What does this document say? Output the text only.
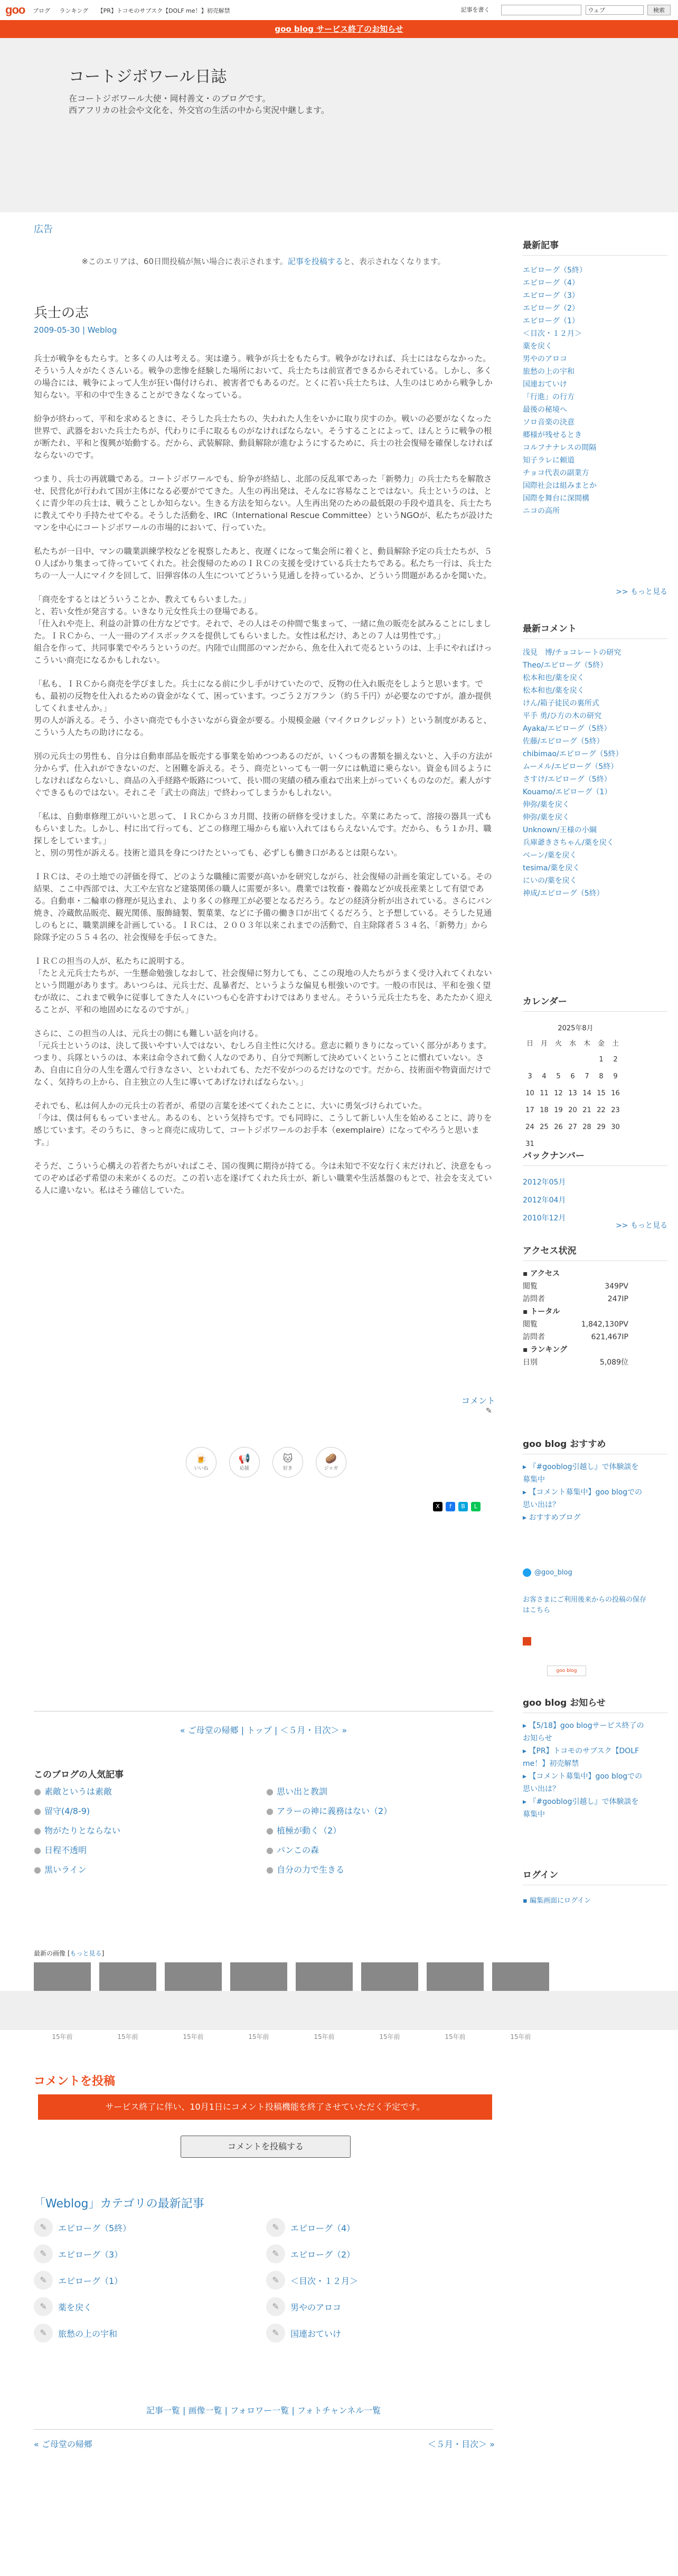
goo ブログ ランキング 【PR】トコモのサブスク【DOLF me！】初売解禁	記事を書く	ウェブ	検索
goo blog サービス終了のお知らせ
コートジボワール日誌
在コートジボワール大使・岡村善文・のブログです。
西アフリカの社会や文化を、外交官の生活の中から実況中継します。
広告
※このエリアは、60日間投稿が無い場合に表示されます。記事を投稿すると、表示されなくなります。
兵士の志
2009-05-30 | Weblog

兵士が戦争をもたらす。と多くの人は考える。実は違う。戦争が兵士をもたらす。戦争がなければ、兵士にはならなかった。そういう人々がたくさんいる。戦争の悲惨を経験した場所において、兵士たちは前宣者できるからそれている。しかし、多くの場合には、戦争によって人生が狂い傷付けられ、被害者でもあるのだ。とくに若い兵士たちは、人生のはじめから戦争しか知らない。平和の中で生きることができなくなっている。

紛争が終わって、平和を求めるときに、そうした兵士たちの、失われた人生をいかに取り戻すのか。戦いの必要がなくなった世界で、武器をおいた兵士たちが、代わりに手に取るものがなければならない。そうすることによって、ほんとうに戦争の根が断たれ、平和と復興が始動する。だから、武装解除、動員解除が進むようにするために、兵士の社会復帰を確保しなければならないのです。

つまり、兵士の再就職である。コートジボワールでも、紛争が終結し、北部の反乱軍であった「新勢力」の兵士たちを解散させ、民営化が行われて国が主体になる必要がでてきた。人生の再出発は、そんなに容易なことではない。兵士というのは、とくに青少年の兵士は、戦うことしか知らない。生きる方法を知らない。人生再出発のための最低限の手段や道具を、兵士たちに教えてやり手持たせてやる。そうした活動を、IRC（International Rescue Committee）というNGOが、私たちが設けたマンを中心にコートジボワールの市場的において、行っていた。

私たちが一日中、マンの職業訓練学校などを視察したあと、夜遅くになって集会所に着くと、動員解除予定の兵士たちが、５０人ばかり集まって待っていてくれた。社会復帰のためのＩＲＣの支援を受けている兵士たちである。私たち一行は、兵士たちの一人一人にマイクを回して、旧弾容体の人生についてどういう見通しを持っているか、どういう問題があるかを聞いた。

「商売をするとはどういうことか、教えてもらいました。」
と、若い女性が発言する。いきなり元女性兵士の登場である。
「仕入れや売上、利益の計算の仕方などです。それで、その人はその仲間で集まって、一緒に魚の販売を試みることにしました。ＩＲＣから、一人一冊のアイスボックスを提供してもらいました。女性は私だけ、あとの７人は男性です。」
組合を作って、共同事業でやろうというのだ。内陸で山間部のマンだから、魚を仕入れて売るというのは、上手にやればけっこういい商売になるかもしれない。

「私も、ＩＲＣから商売を学びました。兵士になる前に少し手がけていたので、反物の仕入れ販売をしようと思います。でも、最初の反物を仕入れるための資金がなくて、困っています。つごう２万フラン（約５千円）が必要なのですが。誰か提供してくれませんか。」
男の人が訴える。そう、小さい商売でも小さいながら資金が要る。小規模金融（マイクロクレジット）という制度があると、こういう人たちの助けになる。

別の元兵士の男性も、自分は自動車部品を販売する事業を始めつつあるのだが、いくつもの書類を揃えないと、入手の方法が分からず、仕入れができないのだ、と困難を訴える。そう、商売といっても一朝一夕には軌道に乗らない。資金も回るようにしなければならないし、商品の入手経路や販路について、長い間の実績の積み重ねで出来上がっていくものなのだ。素人がすぐできるものではない。それこそ「武士の商法」で終わってしまうかもしれない。

「私は、自動車修理工がいいと思って、ＩＲＣから３カ月間、技術の研修を受けました。卒業にあたって、溶接の器具一式ももらいました。しかし、村に出て行っても、どこの修理工場からも雇い入れてはもらえないんです。だから、もう１か月、職探しをしています。」
と、別の男性が訴える。技術と道具を身につけたといっても、必ずしも働き口があるとは限らない。

ＩＲＣは、その土地での評価を得て、どのような職種に需要が高いかを研究しながら、社会復帰の計画を策定している。その結果、ここ中西部では、大工や左官など建築関係の職人に需要が多い。農業では牧畜・養鶏などが成長産業として有望である。自動車・二輪車の修理が見込まれ、より多くの修理工が必要となるだろう。などの経済分析が出されている。さらにパン焼き、冷蔵飲品販売、観光関係、服飾縫製、製菓業、などに予備の働き口が出てくるだろう、と予想している。そうした見通しのもとに、職業訓練を計画している。ＩＲＣは、２００３年以来これまでの活動で、自主除隊者５３４名、「新勢力」から除隊予定の５５４名の、社会復帰を手伝ってきた。

ＩＲＣの担当の人が、私たちに説明する。
「たとえ元兵士たちが、一生懸命勉強しなおして、社会復帰に努力しても、ここの現地の人たちがうまく受け入れてくれないという問題があります。あいつらは、元兵士だ、乱暴者だ、というような偏見も根強いのです。一般の市民は、平和を強く望むが故に、これまで戦争に従事してきた人々にいつも心を許すわけではありません。そういう元兵士たちを、あたたかく迎えることが、平和の地固めになるのですが。」

さらに、この担当の人は、元兵士の側にも難しい話を向ける。
「元兵士というのは、決して扱いやすい人ではない、むしろ自主性に欠ける。意志に頼りきりになっていく部分があります。つまり、兵隊というのは、本来は命令されて動く人なのであり、自分で判断して決めていくということに慣れていない。さあ、自由に自分の人生を選んで行きなさい、といわれても、ただ不安がつのるだけなのです。だから、技術面や物資面だけでなく、気持ちの上から、自主独立の人生に導いてあげなければならない。」

それでも、私は何人かの元兵士の若者が、希望の言葉を述べてくれたことに、大いに勇気づけられていた。
「今は、僕は何ももっていません。あるのも、という気持ちです。でも同時に、こうして新しい人生を始めることに、誇りを感じています。そのうちに、きっと商売に成功して、コートジボワールのお手本（exemplaire）になってやろうと思います。」

そうだ、こういう心構えの若者たちがいればこそ、国の復興に期待が持てる。今は未知で不安な行く末だけれど、決意をもってのぞめば必ず希望の未来がくるのだ。この若い志を遂げてくれた兵士が、新しい職業や生活基盤のもとで、社会を支えている人に違いない。私はそう確信していた。

コメント
✎
🍺
いいね
📢
応援
🐱
好き
🥔
ジャガ
X	f	B	L
« ご母堂の帰郷 | トップ | ＜５月・目次＞ »
このブログの人気記事
● 素敵というは素敵	● 思い出と教訓
● 留守(4/8-9)	● アラーの神に義務はない（2）
● 物がたりとならない	● 植極が動く（2）
● 日程不透明	● パンこの森
● 黒いライン	● 自分の力で生きる
最新の画像 [もっと見る]
15年前	15年前	15年前	15年前	15年前	15年前	15年前	15年前
コメントを投稿
サービス終了に伴い、10月1日にコメント投稿機能を終了させていただく予定です。
コメントを投稿する
「Weblog」カテゴリの最新記事
✎	エピローグ（5終）	✎	エピローグ（4）
✎	エピローグ（3）	✎	エピローグ（2）
✎	エピローグ（1）	✎	＜目次・１２月＞
✎	薬を戻く	✎	男やのアロコ
✎	旅愁の上の宇和	✎	国連おていけ
記事一覧 | 画像一覧 | フォロワー一覧 | フォトチャンネル一覧
« ご母堂の帰郷	＜５月・目次＞ »
最新記事
エピローグ（5終）
エピローグ（4）
エピローグ（3）
エピローグ（2）
エピローグ（1）
＜目次・１２月＞
薬を戻く
男やのアロコ
旅愁の上の宇和
国連おていけ
「行進」の行方
最後の秘境へ
ソロ音楽の決意
郷様が残せるとき
コルフナナレスの間隔
知子ラレに頼道
チョコ代表の副業方
国際社会は組みまとか
国際を舞台に深間構
ニコの高所
>> もっと見る
最新コメント
浅見　博/チョコレートの研究
Theo/エピローグ（5終）
松本和也/薬を戻く
松本和也/薬を戻く
けん/箱子徒民の裏所式
平手 勇/ひ方の木の研究
Ayaka/エピローグ（5終）
佐藤/エピローグ（5終）
chibimao/エピローグ（5終）
ムーメル/エピローグ（5終）
さすけ/エピローグ（5終）
Kouamo/エピローグ（1）
伸弥/薬を戻く
伸弥/薬を戻く
Unknown/王様の小綱
兵庫爺きさちゃん/薬を戻く
ベーン/薬を戻く
tesima/薬を戻く
にいの/薬を戻く
神成/エピローグ（5終）
カレンダー
2025年8月
日	月	火	水	木	金	土
					1	2
3	4	5	6	7	8	9
10	11	12	13	14	15	16
17	18	19	20	21	22	23
24	25	26	27	28	29	30
31						
バックナンバー
2012年05月
2012年04月
2010年12月
>> もっと見る
アクセス状況
▪ アクセス
閲覧	349PV
訪問者	247IP
▪ トータル
閲覧	1,842,130PV
訪問者	621,467IP
▪ ランキング
日別	5,089位
goo blog おすすめ
▸ 『#gooblog引越し』で体験談を募集中
▸ 【コメント募集中】goo blogでの思い出は？
▸ おすすめブログ
@goo_blog
お客さまにご利用後来からの投稿の保存はこちら
goo blog
goo blog お知らせ
▸ 【5/18】goo blogサービス終了のお知らせ
▸ 【PR】トコモのサブスク【DOLF me！】初売解禁
▸ 【コメント募集中】goo blogでの思い出は？
▸ 『#gooblog引越し』で体験談を募集中
ログイン
▪ 編集画面にログイン
